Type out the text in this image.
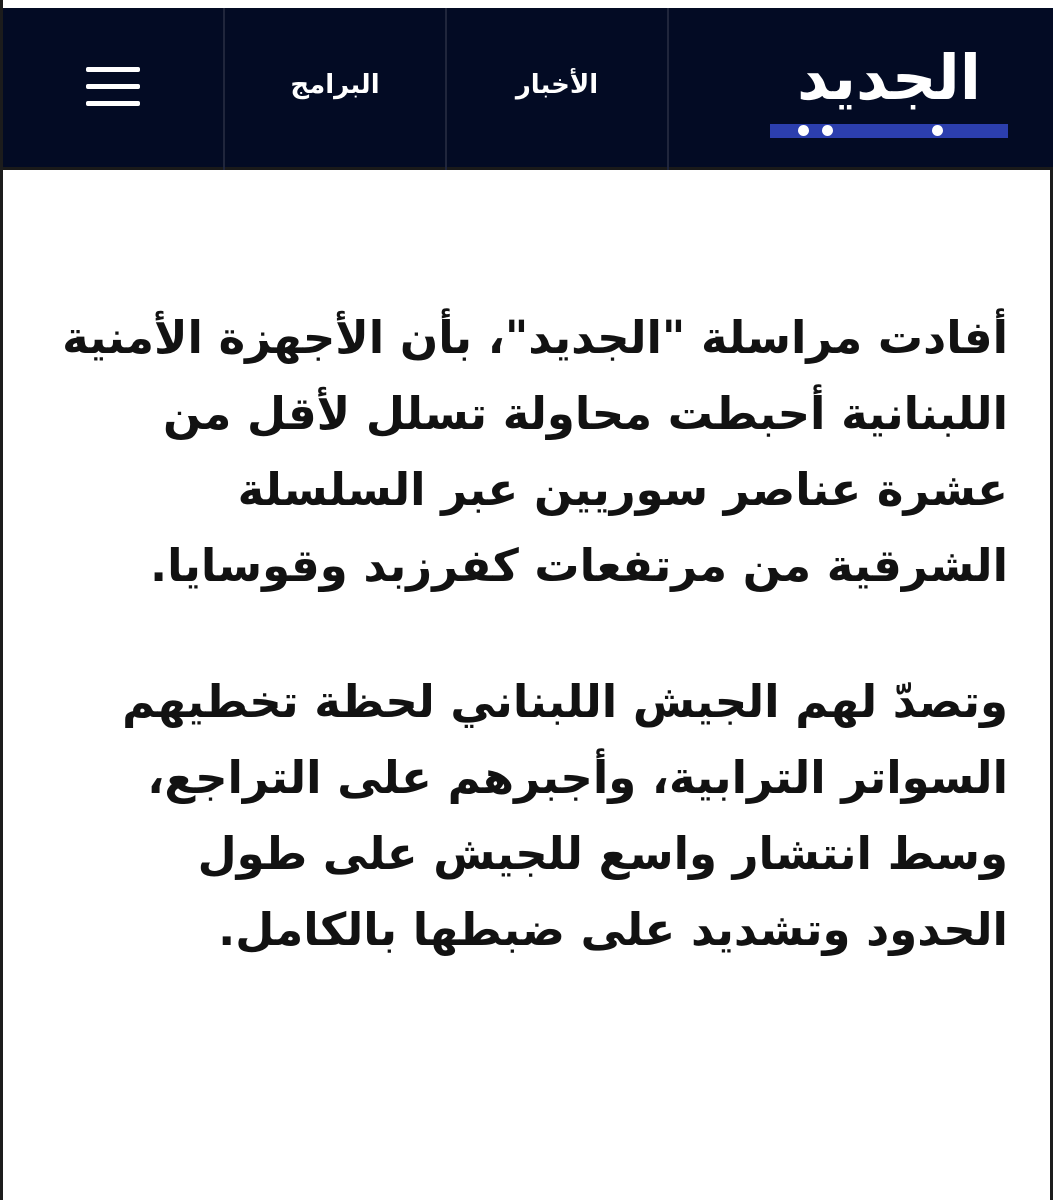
البرامج	الأخبار	الجديد

أفادت مراسلة "الجديد"، بأن الأجهزة الأمنية اللبنانية أحبطت محاولة تسلل لأقل من عشرة عناصر سوريين عبر السلسلة الشرقية من مرتفعات كفرزبد وقوسايا.

وتصدّ لهم الجيش اللبناني لحظة تخطيهم السواتر الترابية، وأجبرهم على التراجع، وسط انتشار واسع للجيش على طول الحدود وتشديد على ضبطها بالكامل.
